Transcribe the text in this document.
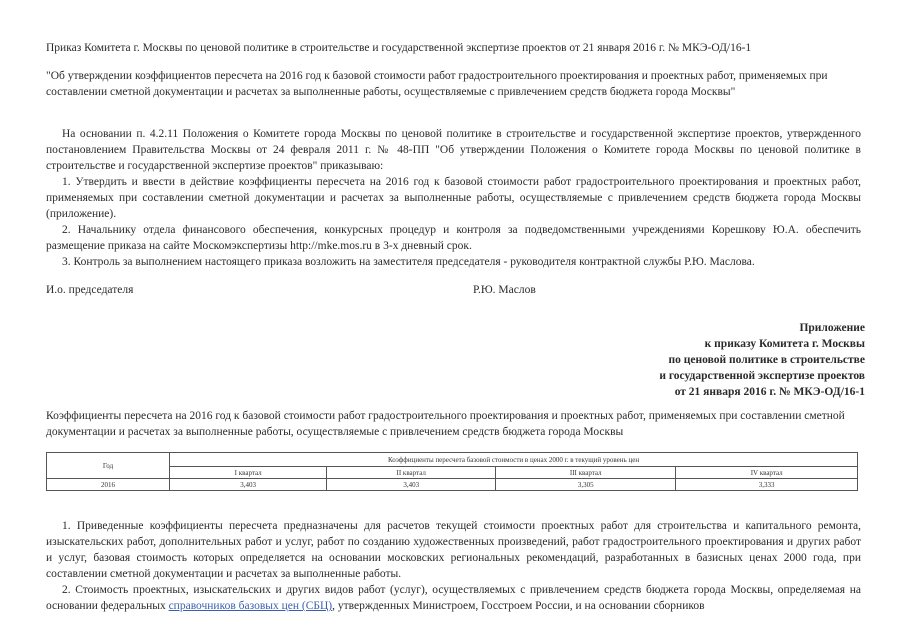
Приказ Комитета г. Москвы по ценовой политике в строительстве и государственной экспертизе проектов от 21 января 2016 г. № МКЭ-ОД/16-1
"Об утверждении коэффициентов пересчета на 2016 год к базовой стоимости работ градостроительного проектирования и проектных работ, применяемых при составлении сметной документации и расчетах за выполненные работы, осуществляемые с привлечением средств бюджета города Москвы"

На основании п. 4.2.11 Положения о Комитете города Москвы по ценовой политике в строительстве и государственной экспертизе проектов, утвержденного постановлением Правительства Москвы от 24 февраля 2011 г. № 48-ПП "Об утверждении Положения о Комитете города Москвы по ценовой политике в строительстве и государственной экспертизе проектов" приказываю:

1. Утвердить и ввести в действие коэффициенты пересчета на 2016 год к базовой стоимости работ градостроительного проектирования и проектных работ, применяемых при составлении сметной документации и расчетах за выполненные работы, осуществляемые с привлечением средств бюджета города Москвы (приложение).

2. Начальнику отдела финансового обеспечения, конкурсных процедур и контроля за подведомственными учреждениями Корешкову Ю.А. обеспечить размещение приказа на сайте Москомэкспертизы http://mke.mos.ru в 3-х дневный срок.

3. Контроль за выполнением настоящего приказа возложить на заместителя председателя - руководителя контрактной службы Р.Ю. Маслова.

И.о. председателя	Р.Ю. Маслов
Приложение
к приказу Комитета г. Москвы
по ценовой политике в строительстве
и государственной экспертизе проектов
от 21 января 2016 г. № МКЭ-ОД/16-1
Коэффициенты пересчета на 2016 год к базовой стоимости работ градостроительного проектирования и проектных работ, применяемых при составлении сметной документации и расчетах за выполненные работы, осуществляемые с привлечением средств бюджета города Москвы
Год	Коэффициенты пересчета базовой стоимости в ценах 2000 г. в текущий уровень цен			
	I квартал	II квартал	III квартал	IV квартал
2016	3,403	3,403	3,305	3,333

1. Приведенные коэффициенты пересчета предназначены для расчетов текущей стоимости проектных работ для строительства и капитального ремонта, изыскательских работ, дополнительных работ и услуг, работ по созданию художественных произведений, работ градостроительного проектирования и других работ и услуг, базовая стоимость которых определяется на основании московских региональных рекомендаций, разработанных в базисных ценах 2000 года, при составлении сметной документации и расчетах за выполненные работы.

2. Стоимость проектных, изыскательских и других видов работ (услуг), осуществляемых с привлечением средств бюджета города Москвы, определяемая на основании федеральных справочников базовых цен (СБЦ), утвержденных Министроем, Госстроем России, и на основании сборников
